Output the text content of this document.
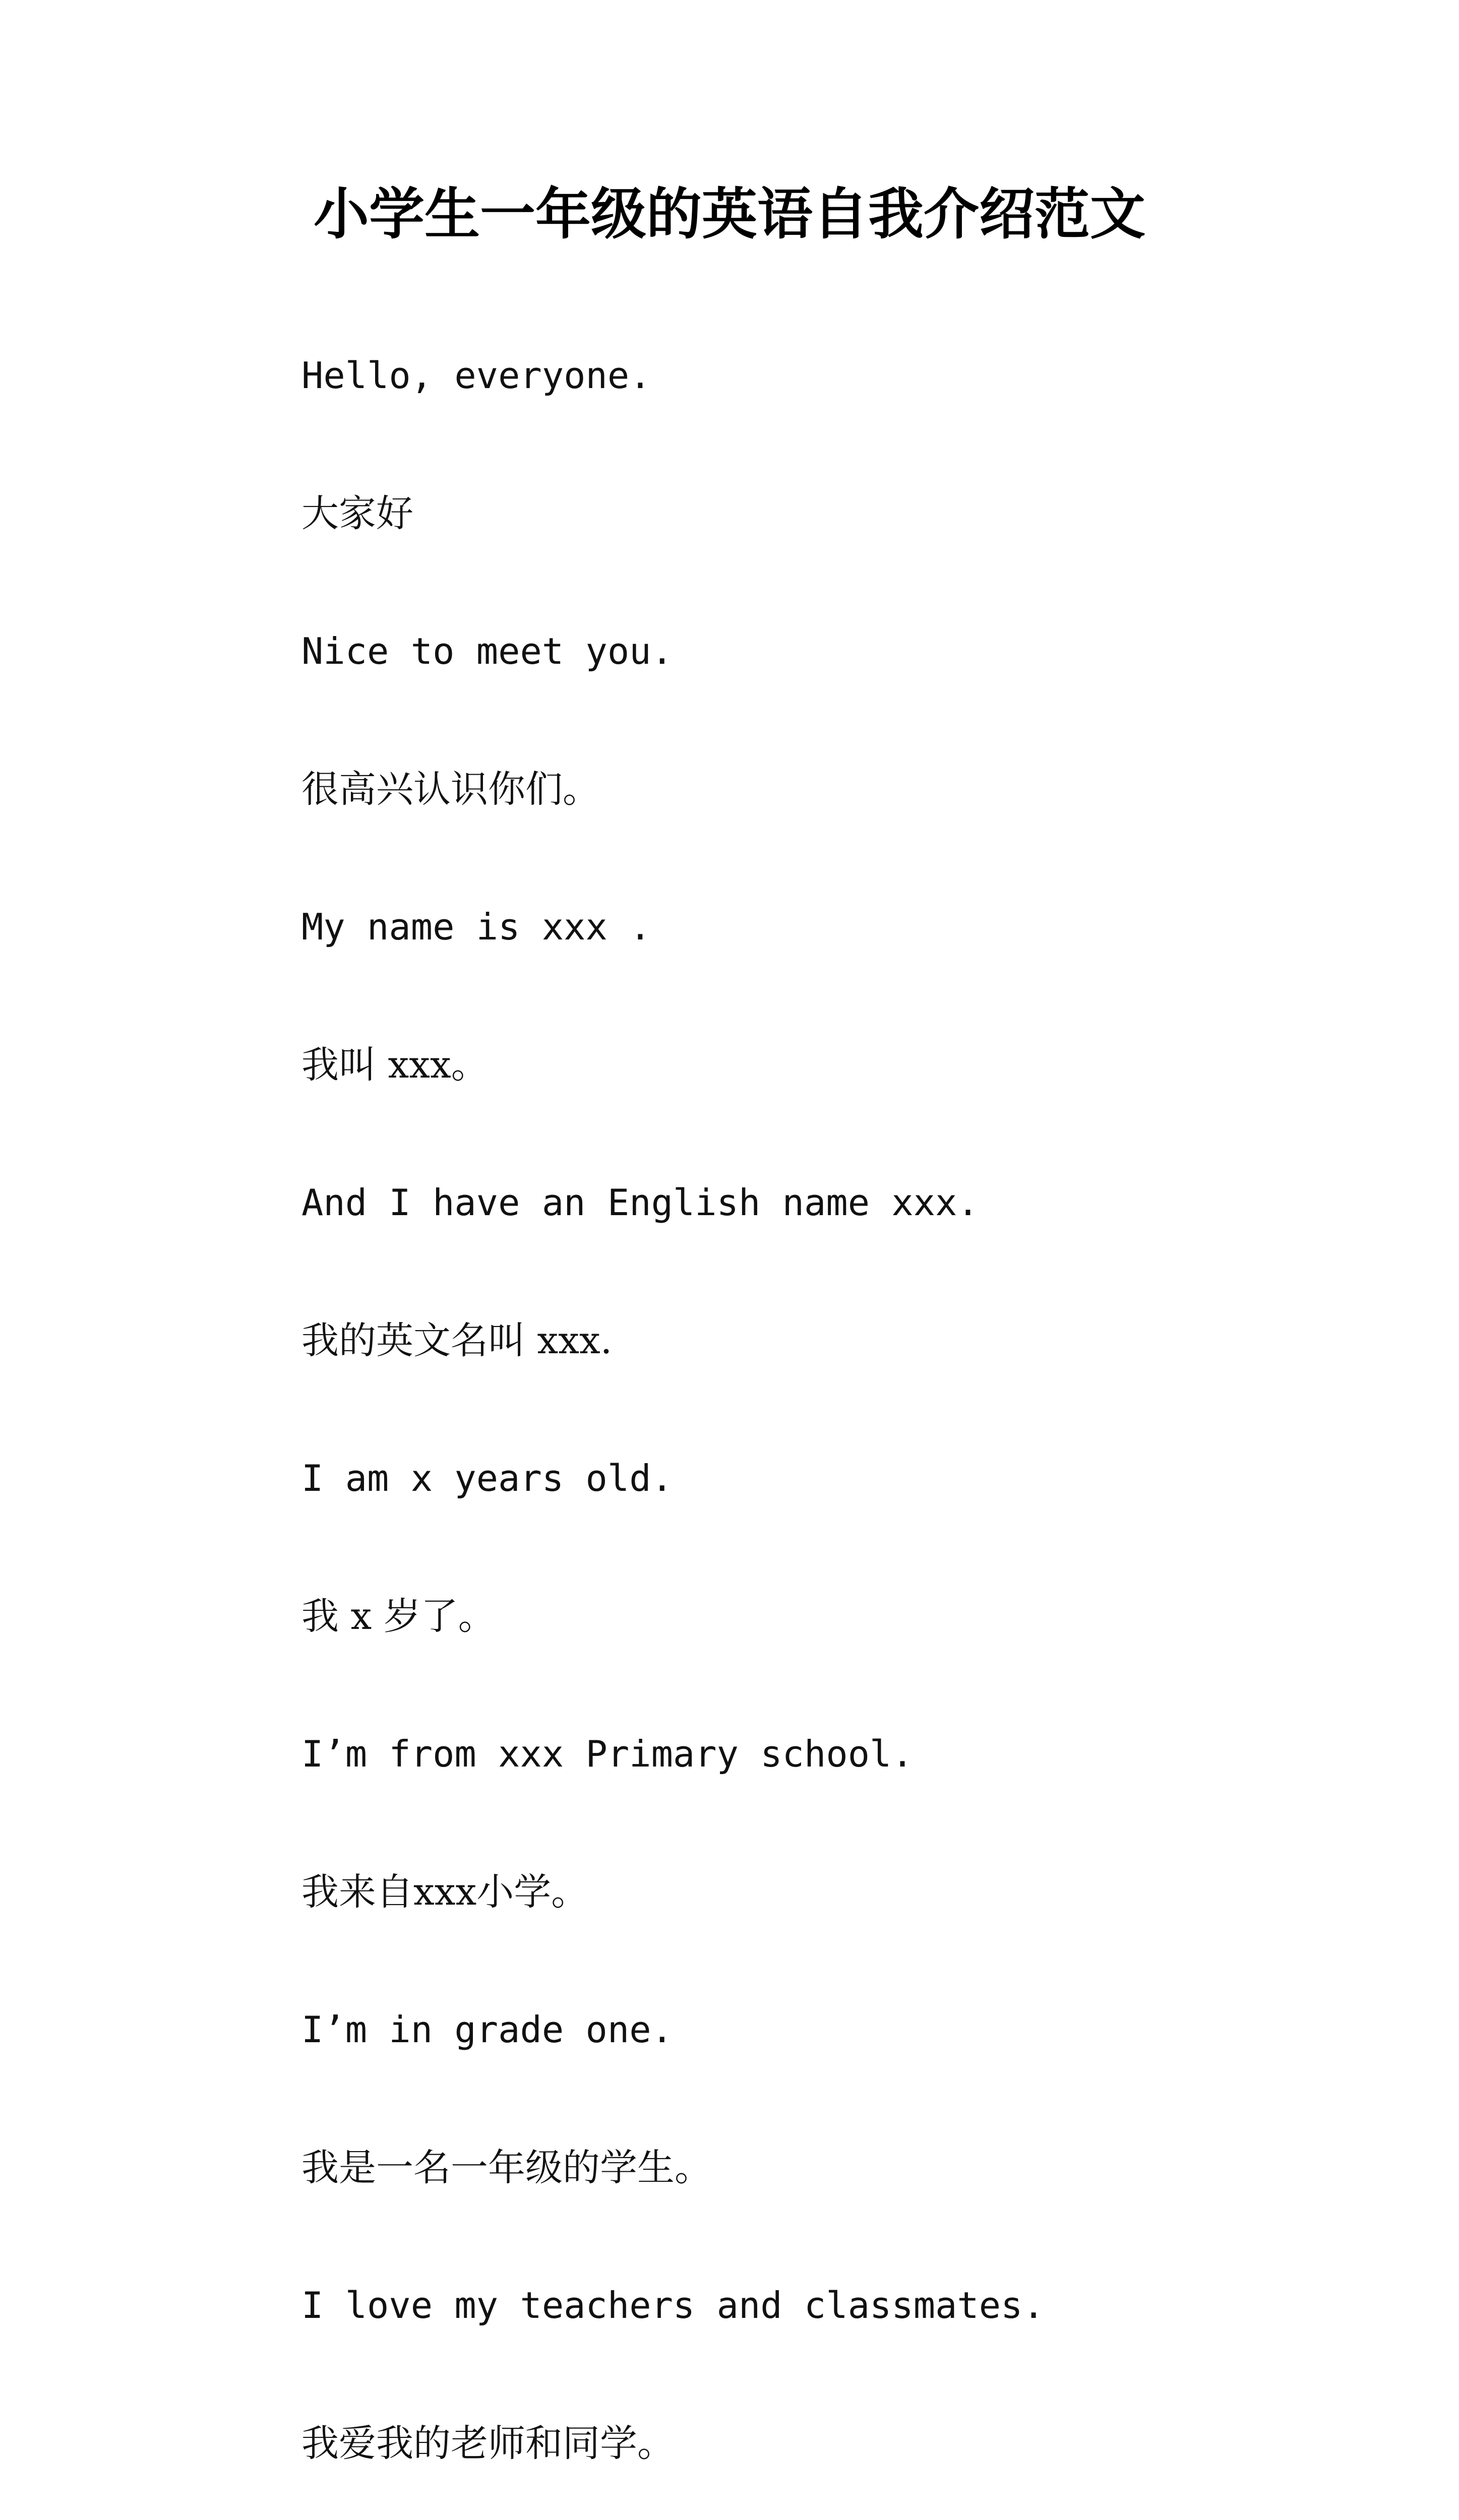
小学生一年级的英语自我介绍范文
Hello, everyone.
大家好
Nice to meet you.
很高兴认识你们。
My name is xxx .
我叫 xxx。
And I have an English name xxx.
我的英文名叫 xxx.
I am x years old.
我 x 岁了。
I’m from xxx Primary school.
我来自xxx小学。
I’m in grade one.
我是一名一年级的学生。
I love my teachers and classmates.
我爱我的老师和同学。
